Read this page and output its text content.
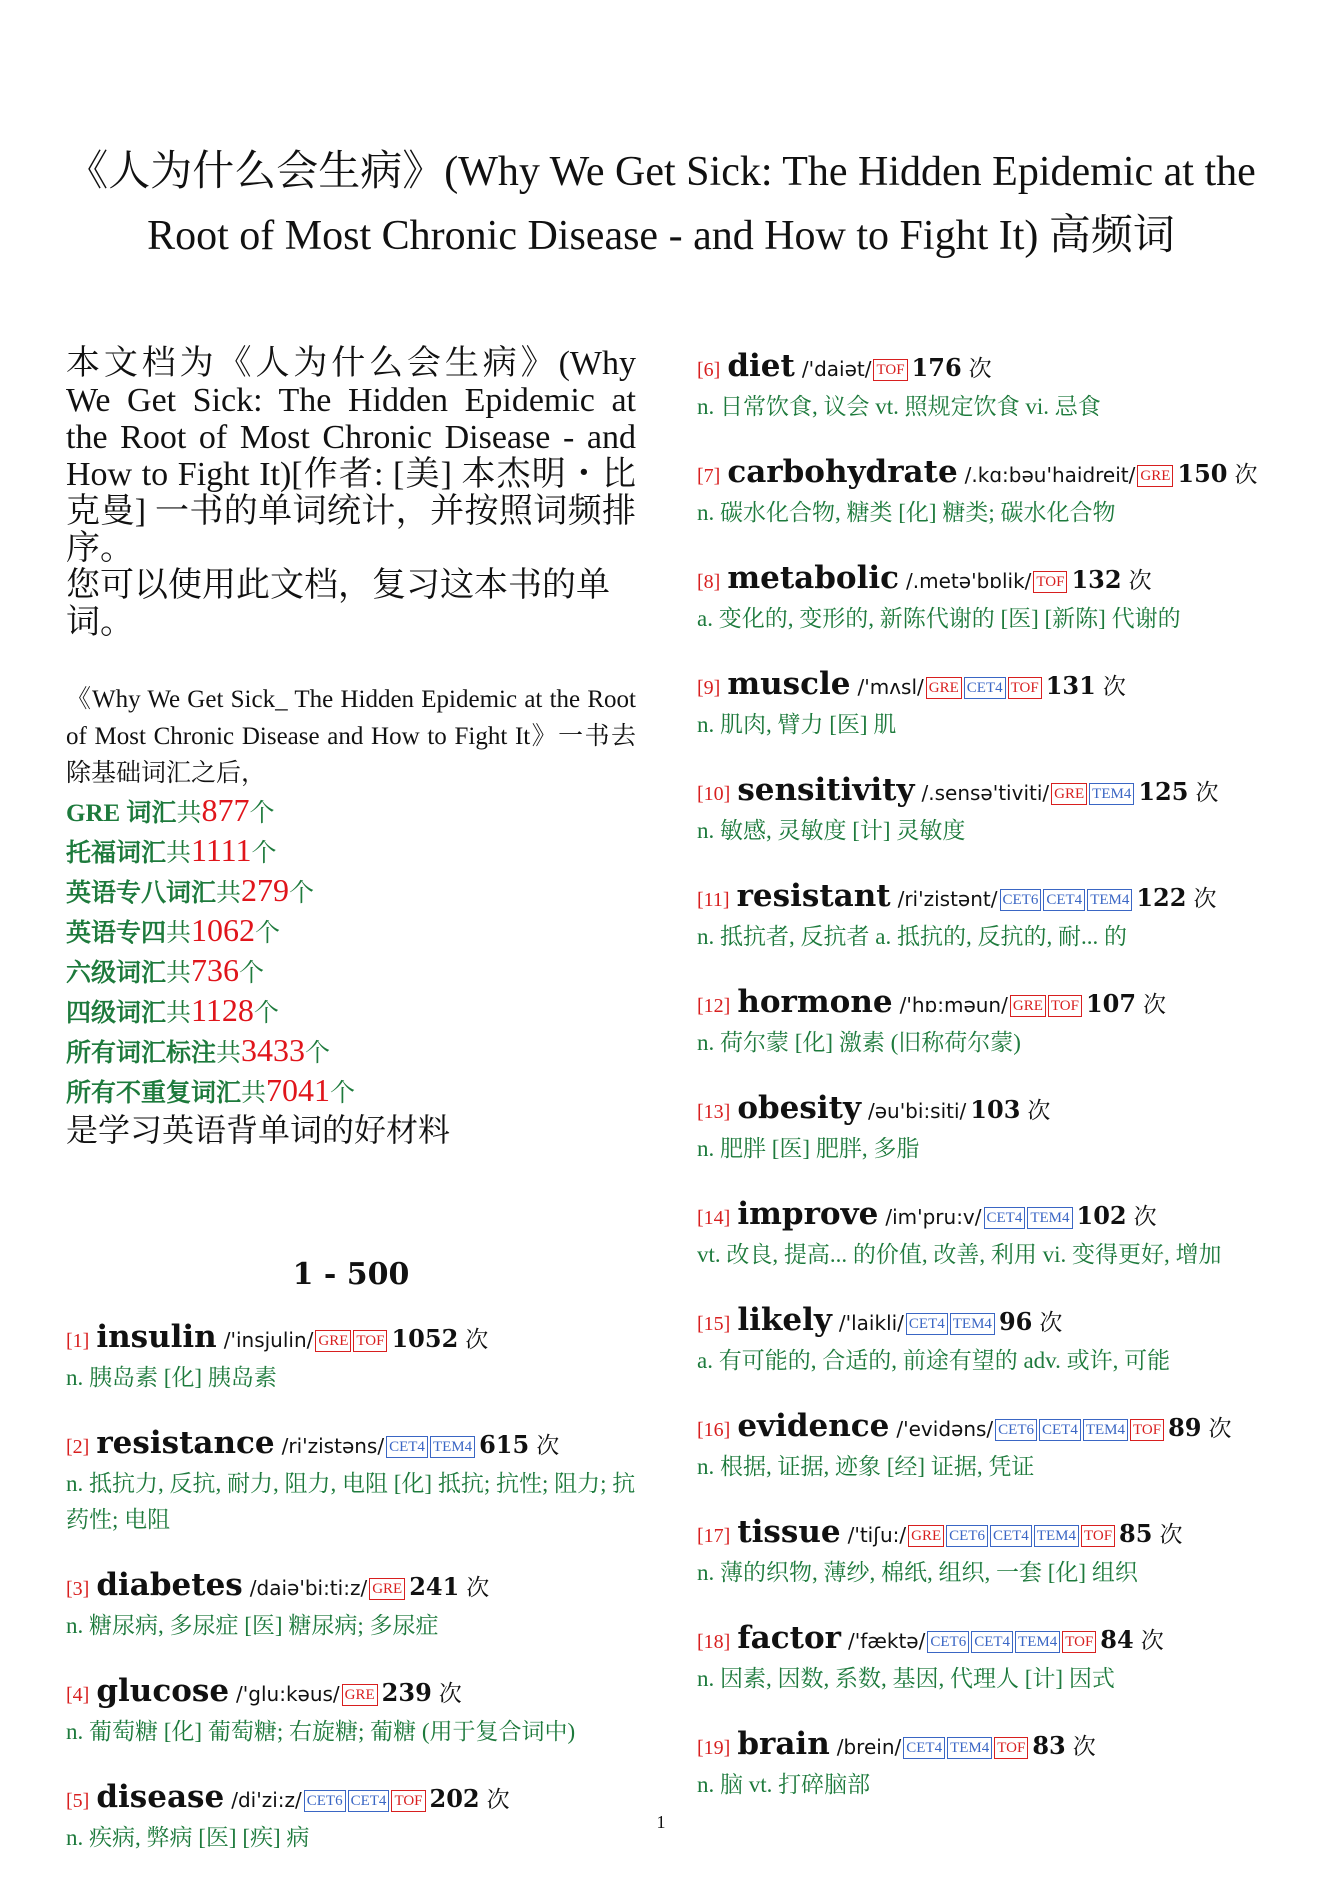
《人为什么会生病》(Why We Get Sick: The Hidden Epidemic at the Root of Most Chronic Disease - and How to Fight It) 高频词

本文档为《人为什么会生病》(Why We Get Sick: The Hidden Epidemic at the Root of Most Chronic Disease - and How to Fight It)[作者: [美] 本杰明・比克曼] 一书的单词统计，并按照词频排序。

您可以使用此文档，复习这本书的单词。

《Why We Get Sick_ The Hidden Epidemic at the Root of Most Chronic Disease and How to Fight It》一书去除基础词汇之后，
GRE 词汇共877个
托福词汇共1111个
英语专八词汇共279个
英语专四共1062个
六级词汇共736个
四级词汇共1128个
所有词汇标注共3433个
所有不重复词汇共7041个
是学习英语背单词的好材料
1 - 500
[1] insulin /'insjulin/ GRE TOF 1052 次
n. 胰岛素 [化] 胰岛素
[2] resistance /ri'zistəns/ CET4 TEM4 615 次
n. 抵抗力, 反抗, 耐力, 阻力, 电阻 [化] 抵抗; 抗性; 阻力; 抗药性; 电阻
[3] diabetes /daiə'bi:ti:z/ GRE 241 次
n. 糖尿病, 多尿症 [医] 糖尿病; 多尿症
[4] glucose /'glu:kəus/ GRE 239 次
n. 葡萄糖 [化] 葡萄糖; 右旋糖; 葡糖 (用于复合词中)
[5] disease /di'zi:z/ CET6 CET4 TOF 202 次
n. 疾病, 弊病 [医] [疾] 病
[6] diet /'daiət/ TOF 176 次
n. 日常饮食, 议会 vt. 照规定饮食 vi. 忌食
[7] carbohydrate /.kɑ:bəu'haidreit/ GRE 150 次
n. 碳水化合物, 糖类 [化] 糖类; 碳水化合物
[8] metabolic /.metə'bɒlik/ TOF 132 次
a. 变化的, 变形的, 新陈代谢的 [医] [新陈] 代谢的
[9] muscle /'mʌsl/ GRE CET4 TOF 131 次
n. 肌肉, 臂力 [医] 肌
[10] sensitivity /.sensə'tiviti/ GRE TEM4 125 次
n. 敏感, 灵敏度 [计] 灵敏度
[11] resistant /ri'zistənt/ CET6 CET4 TEM4 122 次
n. 抵抗者, 反抗者 a. 抵抗的, 反抗的, 耐... 的
[12] hormone /'hɒ:məun/ GRE TOF 107 次
n. 荷尔蒙 [化] 激素 (旧称荷尔蒙)
[13] obesity /əu'bi:siti/ 103 次
n. 肥胖 [医] 肥胖, 多脂
[14] improve /im'pru:v/ CET4 TEM4 102 次
vt. 改良, 提高... 的价值, 改善, 利用 vi. 变得更好, 增加
[15] likely /'laikli/ CET4 TEM4 96 次
a. 有可能的, 合适的, 前途有望的 adv. 或许, 可能
[16] evidence /'evidəns/ CET6 CET4 TEM4 TOF 89 次
n. 根据, 证据, 迹象 [经] 证据, 凭证
[17] tissue /'tiʃu:/ GRE CET6 CET4 TEM4 TOF 85 次
n. 薄的织物, 薄纱, 棉纸, 组织, 一套 [化] 组织
[18] factor /'fæktə/ CET6 CET4 TEM4 TOF 84 次
n. 因素, 因数, 系数, 基因, 代理人 [计] 因式
[19] brain /brein/ CET4 TEM4 TOF 83 次
n. 脑 vt. 打碎脑部
1
